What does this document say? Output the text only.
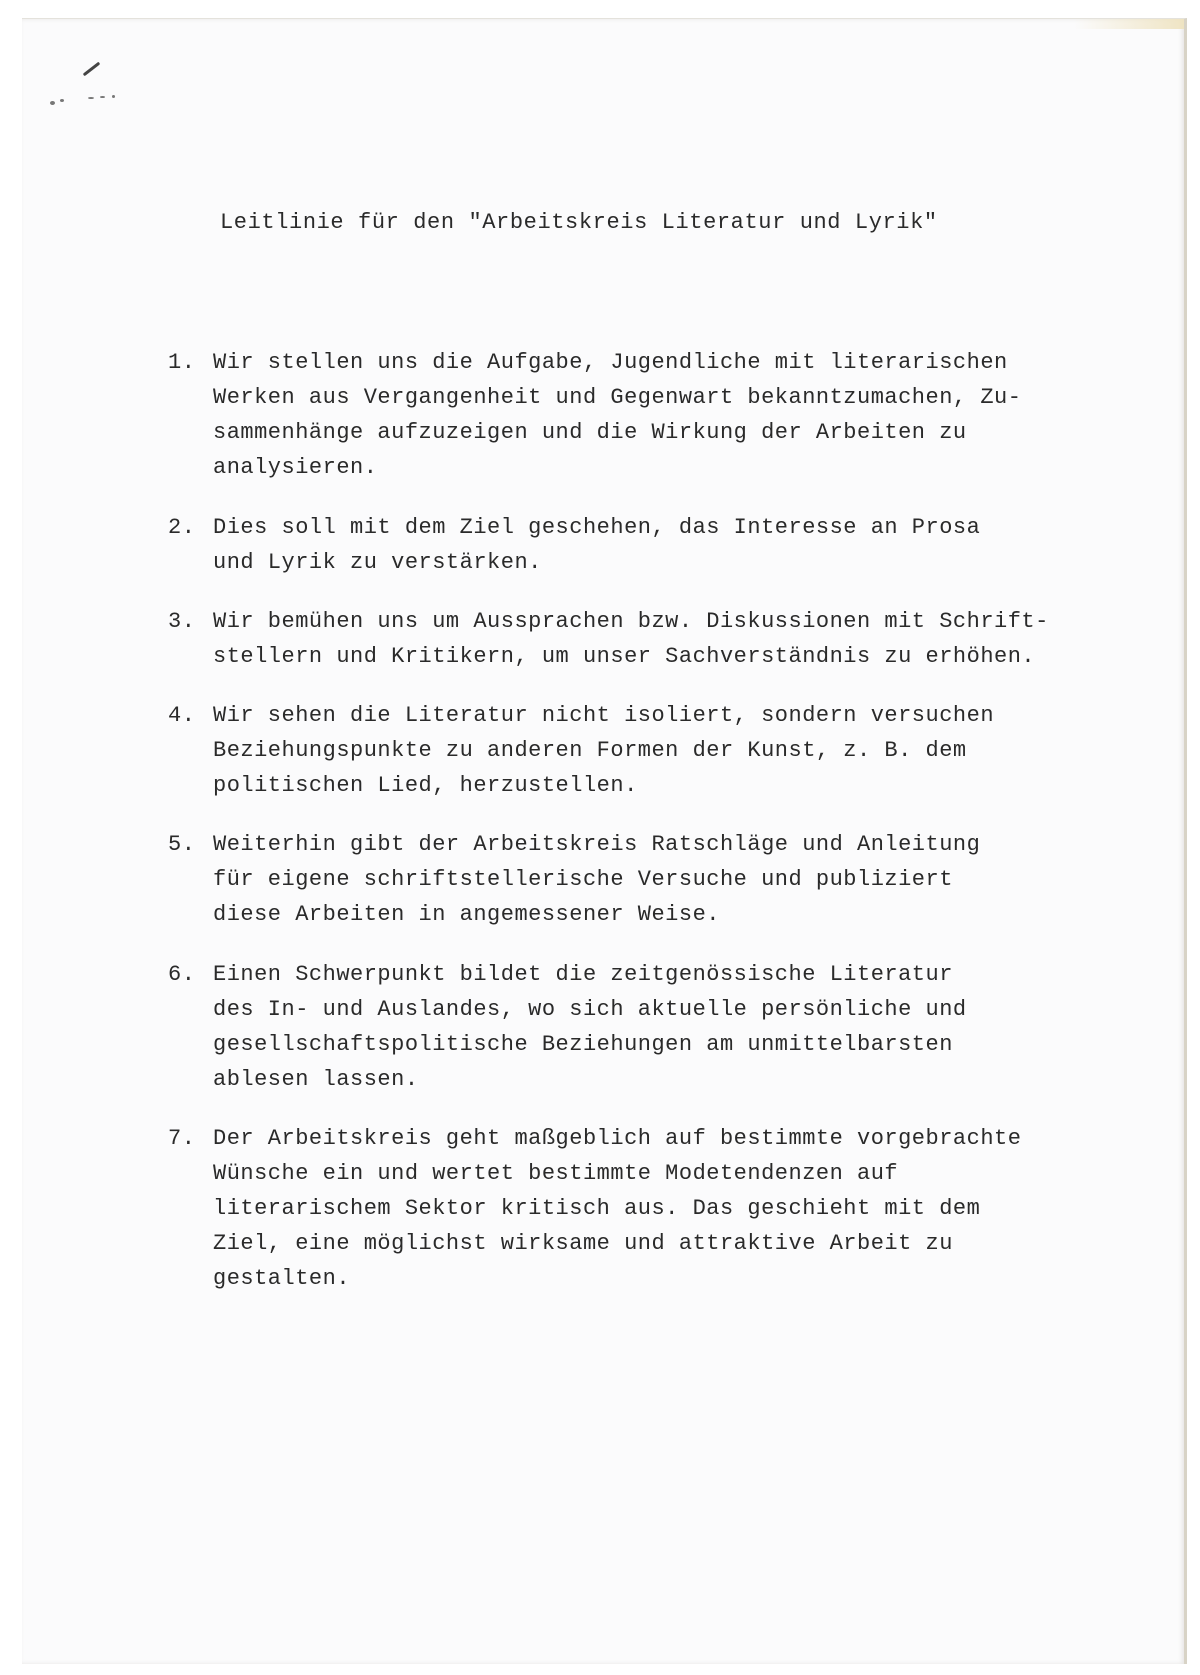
Leitlinie für den "Arbeitskreis Literatur und Lyrik"
1. Wir stellen uns die Aufgabe, Jugendliche mit literarischen
Werken aus Vergangenheit und Gegenwart bekanntzumachen, Zu-
sammenhänge aufzuzeigen und die Wirkung der Arbeiten zu
analysieren.
2. Dies soll mit dem Ziel geschehen, das Interesse an Prosa
und Lyrik zu verstärken.
3. Wir bemühen uns um Aussprachen bzw. Diskussionen mit Schrift-
stellern und Kritikern, um unser Sachverständnis zu erhöhen.
4. Wir sehen die Literatur nicht isoliert, sondern versuchen
Beziehungspunkte zu anderen Formen der Kunst, z. B. dem
politischen Lied, herzustellen.
5. Weiterhin gibt der Arbeitskreis Ratschläge und Anleitung
für eigene schriftstellerische Versuche und publiziert
diese Arbeiten in angemessener Weise.
6. Einen Schwerpunkt bildet die zeitgenössische Literatur
des In- und Auslandes, wo sich aktuelle persönliche und
gesellschaftspolitische Beziehungen am unmittelbarsten
ablesen lassen.
7. Der Arbeitskreis geht maßgeblich auf bestimmte vorgebrachte
Wünsche ein und wertet bestimmte Modetendenzen auf
literarischem Sektor kritisch aus. Das geschieht mit dem
Ziel, eine möglichst wirksame und attraktive Arbeit zu
gestalten.
